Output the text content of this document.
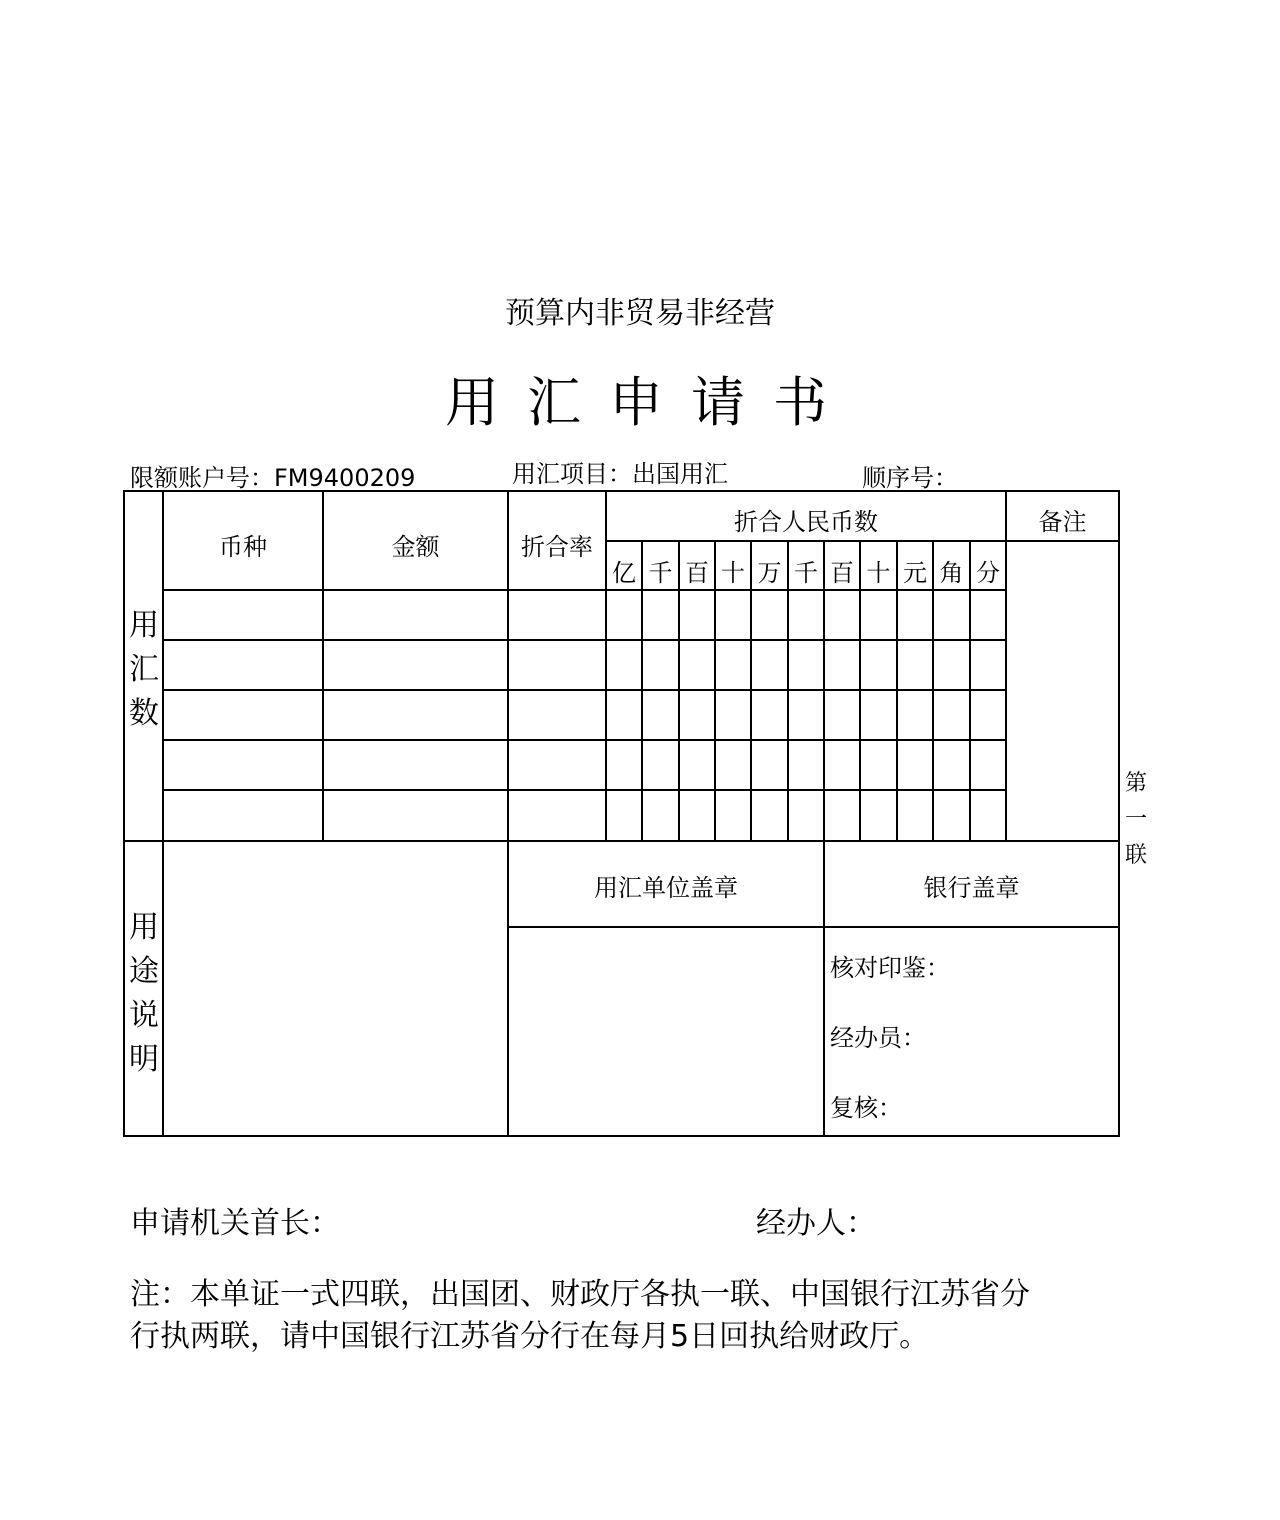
预算内非贸易非经营
用汇申请书
限额账户号：FM9400209	用汇项目：出国用汇	顺序号：
币种	金额	折合率
折合人民币数	备注
亿 千 百 十 万 千 百 十 元 角 分
用汇数
用途说明
用汇单位盖章	银行盖章
核对印鉴：
经办员：
复核：
第一联
申请机关首长：	经办人：
注：本单证一式四联，出国团、财政厅各执一联、中国银行江苏省分
行执两联，请中国银行江苏省分行在每月5日回执给财政厅。
